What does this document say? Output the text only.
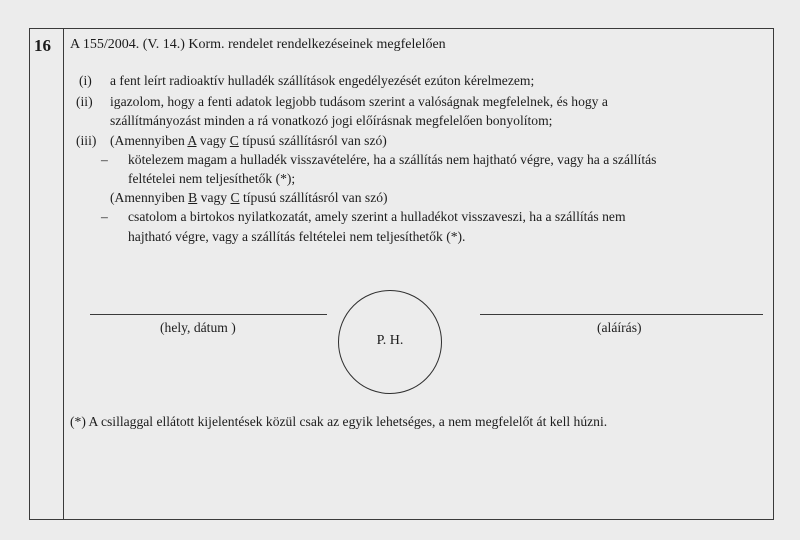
16 A 155/2004. (V. 14.) Korm. rendelet rendelkezéseinek megfelelően
(i) a fent leírt radioaktív hulladék szállítások engedélyezését ezúton kérelmezem;
(ii) igazolom, hogy a fenti adatok legjobb tudásom szerint a valóságnak megfelelnek, és hogy a
szállítmányozást minden a rá vonatkozó jogi előírásnak megfelelően bonyolítom;
(iii) (Amennyiben A vagy C típusú szállításról van szó)
– kötelezem magam a hulladék visszavételére, ha a szállítás nem hajtható végre, vagy ha a szállítás
feltételei nem teljesíthetők (*);
(Amennyiben B vagy C típusú szállításról van szó)
– csatolom a birtokos nyilatkozatát, amely szerint a hulladékot visszaveszi, ha a szállítás nem
hajtható végre, vagy a szállítás feltételei nem teljesíthetők (*).
(hely, dátum )
P. H.
(aláírás)
(*) A csillaggal ellátott kijelentések közül csak az egyik lehetséges, a nem megfelelőt át kell húzni.
